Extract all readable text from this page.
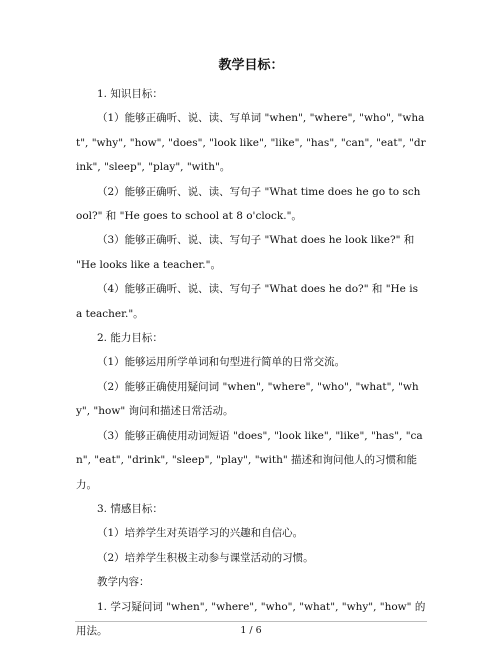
教学目标：

1. 知识目标：

（1）能够正确听、说、读、写单词 "when", "where", "who", "what", "why", "how", "does", "look like", "like", "has", "can", "eat", "drink", "sleep", "play", "with"。

（2）能够正确听、说、读、写句子 "What time does he go to school?" 和 "He goes to school at 8 o'clock."。

（3）能够正确听、说、读、写句子 "What does he look like?" 和 "He looks like a teacher."。

（4）能够正确听、说、读、写句子 "What does he do?" 和 "He is a teacher."。

2. 能力目标：

（1）能够运用所学单词和句型进行简单的日常交流。

（2）能够正确使用疑问词 "when", "where", "who", "what", "why", "how" 询问和描述日常活动。

（3）能够正确使用动词短语 "does", "look like", "like", "has", "can", "eat", "drink", "sleep", "play", "with" 描述和询问他人的习惯和能力。

3. 情感目标：

（1）培养学生对英语学习的兴趣和自信心。

（2）培养学生积极主动参与课堂活动的习惯。

教学内容：

1. 学习疑问词 "when", "where", "who", "what", "why", "how" 的用法。	1 / 6
